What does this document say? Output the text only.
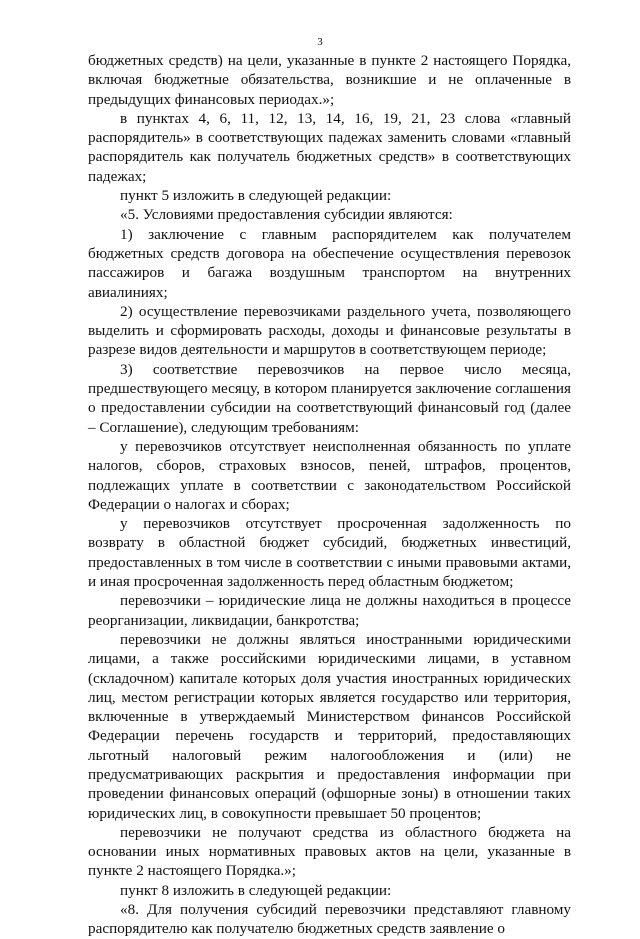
3

бюджетных средств) на цели, указанные в пункте 2 настоящего Порядка, включая бюджетные обязательства, возникшие и не оплаченные в предыдущих финансовых периодах.»;

в пунктах 4, 6, 11, 12, 13, 14, 16, 19, 21, 23 слова «главный распорядитель» в соответствующих падежах заменить словами «главный распорядитель как получатель бюджетных средств» в соответствующих падежах;

пункт 5 изложить в следующей редакции:

«5. Условиями предоставления субсидии являются:

1) заключение с главным распорядителем как получателем бюджетных средств договора на обеспечение осуществления перевозок пассажиров и багажа воздушным транспортом на внутренних авиалиниях;

2) осуществление перевозчиками раздельного учета, позволяющего выделить и сформировать расходы, доходы и финансовые результаты в разрезе видов деятельности и маршрутов в соответствующем периоде;

3) соответствие перевозчиков на первое число месяца, предшествующего месяцу, в котором планируется заключение соглашения о предоставлении субсидии на соответствующий финансовый год (далее – Соглашение), следующим требованиям:

у перевозчиков отсутствует неисполненная обязанность по уплате налогов, сборов, страховых взносов, пеней, штрафов, процентов, подлежащих уплате в соответствии с законодательством Российской Федерации о налогах и сборах;

у перевозчиков отсутствует просроченная задолженность по возврату в областной бюджет субсидий, бюджетных инвестиций, предоставленных в том числе в соответствии с иными правовыми актами, и иная просроченная задолженность перед областным бюджетом;

перевозчики – юридические лица не должны находиться в процессе реорганизации, ликвидации, банкротства;

перевозчики не должны являться иностранными юридическими лицами, а также российскими юридическими лицами, в уставном (складочном) капитале которых доля участия иностранных юридических лиц, местом регистрации которых является государство или территория, включенные в утверждаемый Министерством финансов Российской Федерации перечень государств и территорий, предоставляющих льготный налоговый режим налогообложения и (или) не предусматривающих раскрытия и предоставления информации при проведении финансовых операций (офшорные зоны) в отношении таких юридических лиц, в совокупности превышает 50 процентов;

перевозчики не получают средства из областного бюджета на основании иных нормативных правовых актов на цели, указанные в пункте 2 настоящего Порядка.»;

пункт 8 изложить в следующей редакции:

«8. Для получения субсидий перевозчики представляют главному распорядителю как получателю бюджетных средств заявление о
